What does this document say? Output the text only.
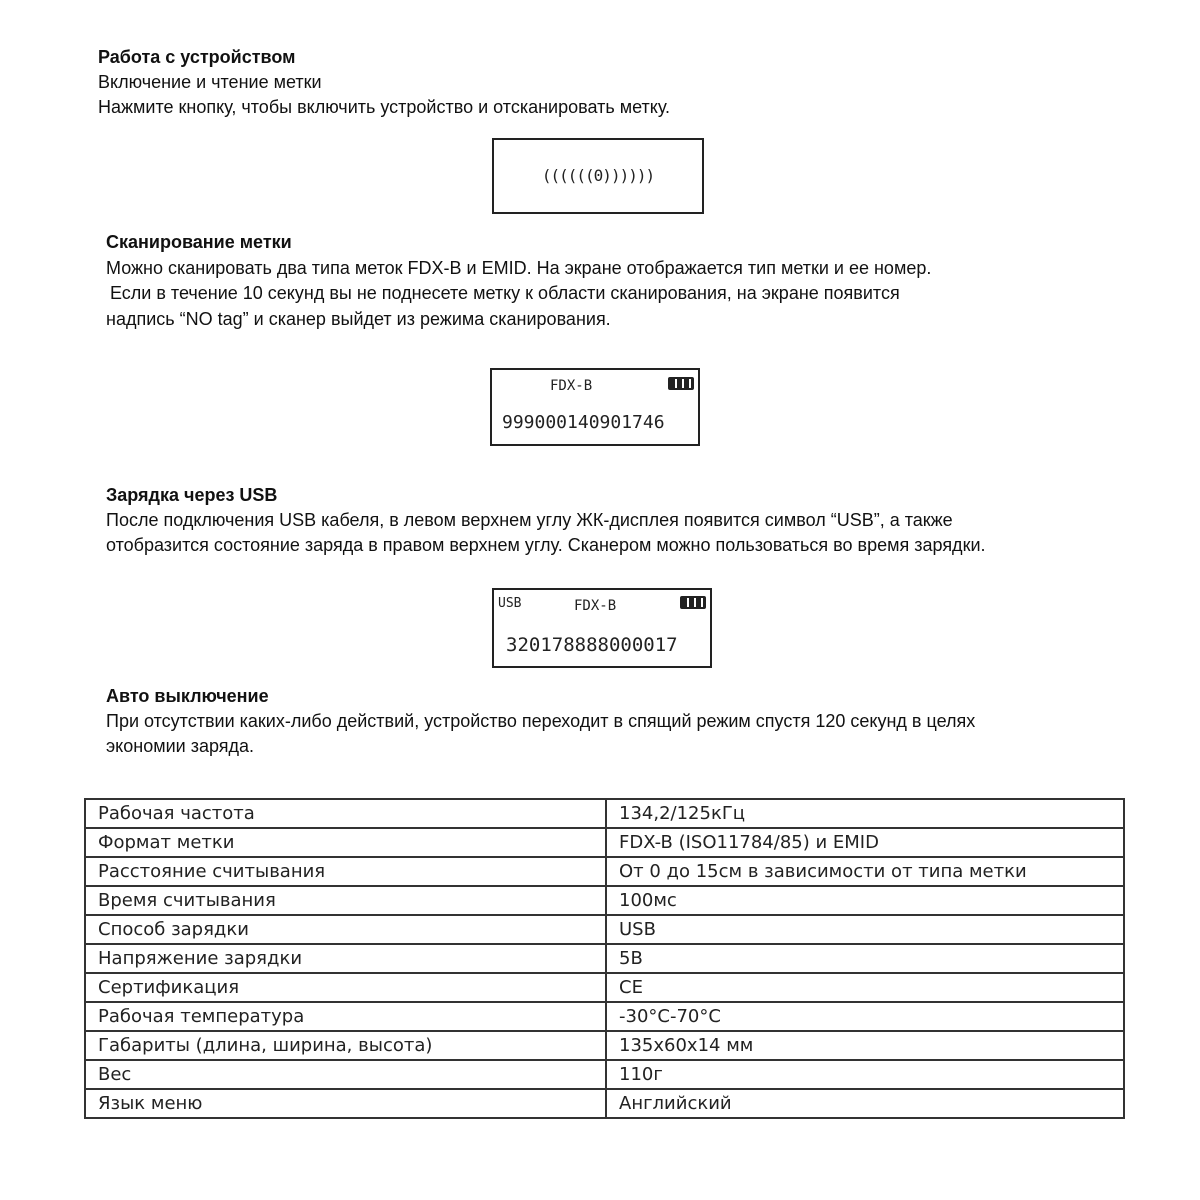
Работа с устройством
Включение и чтение метки
Нажмите кнопку, чтобы включить устройство и отсканировать метку.
((((((0))))))
Сканирование метки
Можно сканировать два типа меток FDX-B и EMID. На экране отображается тип метки и ее номер.
Если в течение 10 секунд вы не поднесете метку к области сканирования, на экране появится
надпись “NO tag” и сканер выйдет из режима сканирования.
FDX-B
999000140901746
Зарядка через USB
После подключения USB кабеля, в левом верхнем углу ЖК-дисплея появится символ “USB”, а также
отобразится состояние заряда в правом верхнем углу. Сканером можно пользоваться во время зарядки.
USB	FDX-B
320178888000017
Авто выключение
При отсутствии каких-либо действий, устройство переходит в спящий режим спустя 120 секунд в целях
экономии заряда.
Рабочая частота	134,2/125кГц
Формат метки	FDX-B (ISO11784/85) и EMID
Расстояние считывания	От 0 до 15см в зависимости от типа метки
Время считывания	100мс
Способ зарядки	USB
Напряжение зарядки	5В
Сертификация	CE
Рабочая температура	-30°C-70°C
Габариты (длина, ширина, высота)	135x60x14 мм
Вес	110г
Язык меню	Английский
